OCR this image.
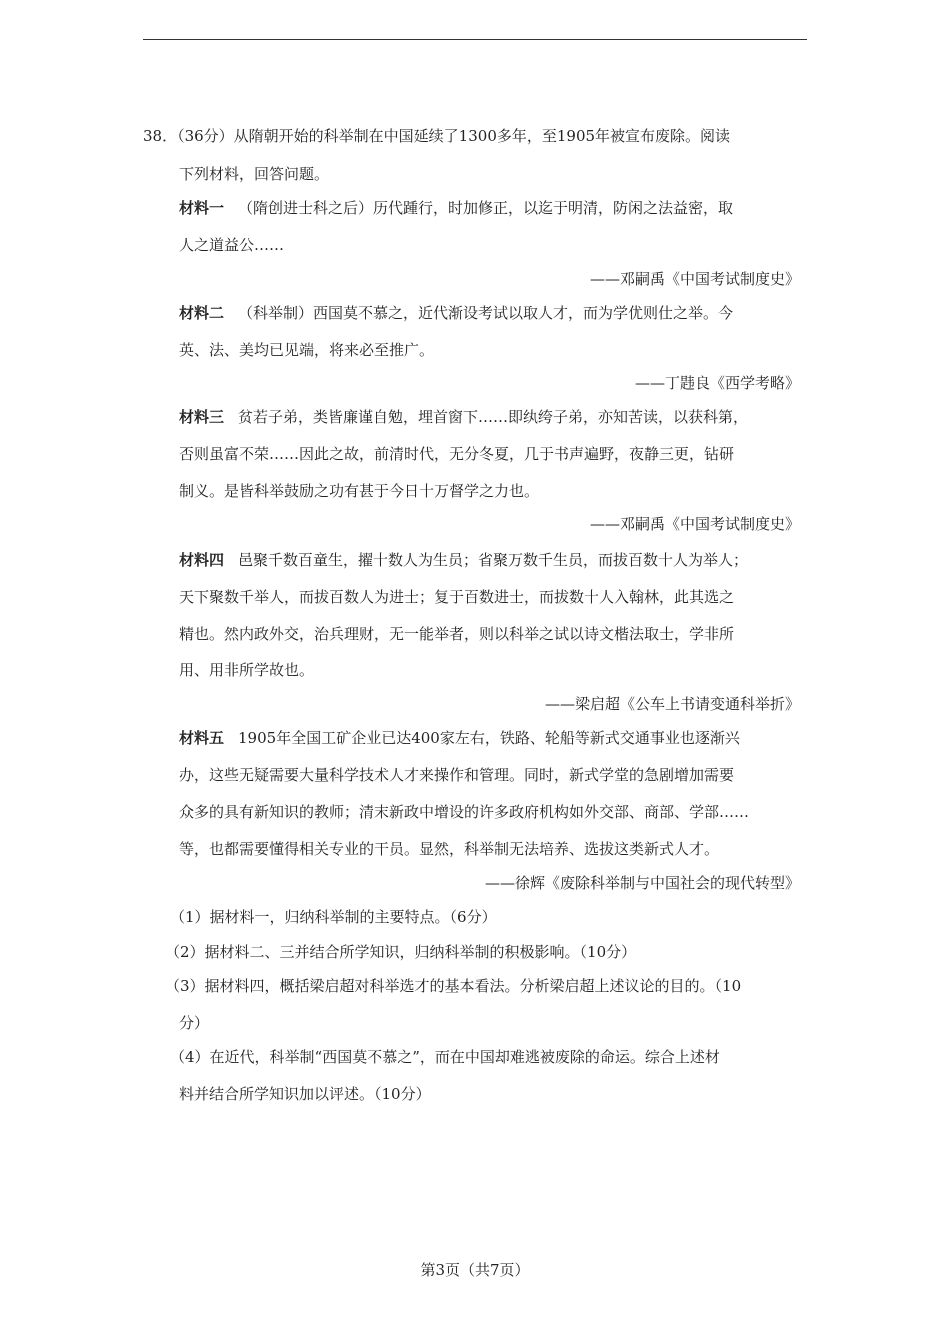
38．（36分）从隋朝开始的科举制在中国延续了1300多年，至1905年被宣布废除。阅读
下列材料，回答问题。
材料一 （隋创进士科之后）历代踵行，时加修正，以迄于明清，防闲之法益密，取
人之道益公……
——邓嗣禹《中国考试制度史》
材料二 （科举制）西国莫不慕之，近代渐设考试以取人才，而为学优则仕之举。今
英、法、美均已见端，将来必至推广。
——丁韪良《西学考略》
材料三 贫若子弟，类皆廉谨自勉，埋首窗下……即纨绔子弟，亦知苦读，以获科第，
否则虽富不荣……因此之故，前清时代，无分冬夏，几于书声遍野，夜静三更，钻研
制义。是皆科举鼓励之功有甚于今日十万督学之力也。
——邓嗣禹《中国考试制度史》
材料四 邑聚千数百童生，擢十数人为生员；省聚万数千生员，而拔百数十人为举人；
天下聚数千举人，而拔百数人为进士；复于百数进士，而拔数十人入翰林，此其选之
精也。然内政外交，治兵理财，无一能举者，则以科举之试以诗文楷法取士，学非所
用、用非所学故也。
——梁启超《公车上书请变通科举折》
材料五 1905年全国工矿企业已达400家左右，铁路、轮船等新式交通事业也逐渐兴
办，这些无疑需要大量科学技术人才来操作和管理。同时，新式学堂的急剧增加需要
众多的具有新知识的教师；清末新政中增设的许多政府机构如外交部、商部、学部……
等，也都需要懂得相关专业的干员。显然，科举制无法培养、选拔这类新式人才。
——徐辉《废除科举制与中国社会的现代转型》
（1）据材料一，归纳科举制的主要特点。（6分）
（2）据材料二、三并结合所学知识，归纳科举制的积极影响。（10分）
（3）据材料四，概括梁启超对科举选才的基本看法。分析梁启超上述议论的目的。（10
分）
（4）在近代，科举制“西国莫不慕之”，而在中国却难逃被废除的命运。综合上述材
料并结合所学知识加以评述。（10分）
第3页（共7页）
